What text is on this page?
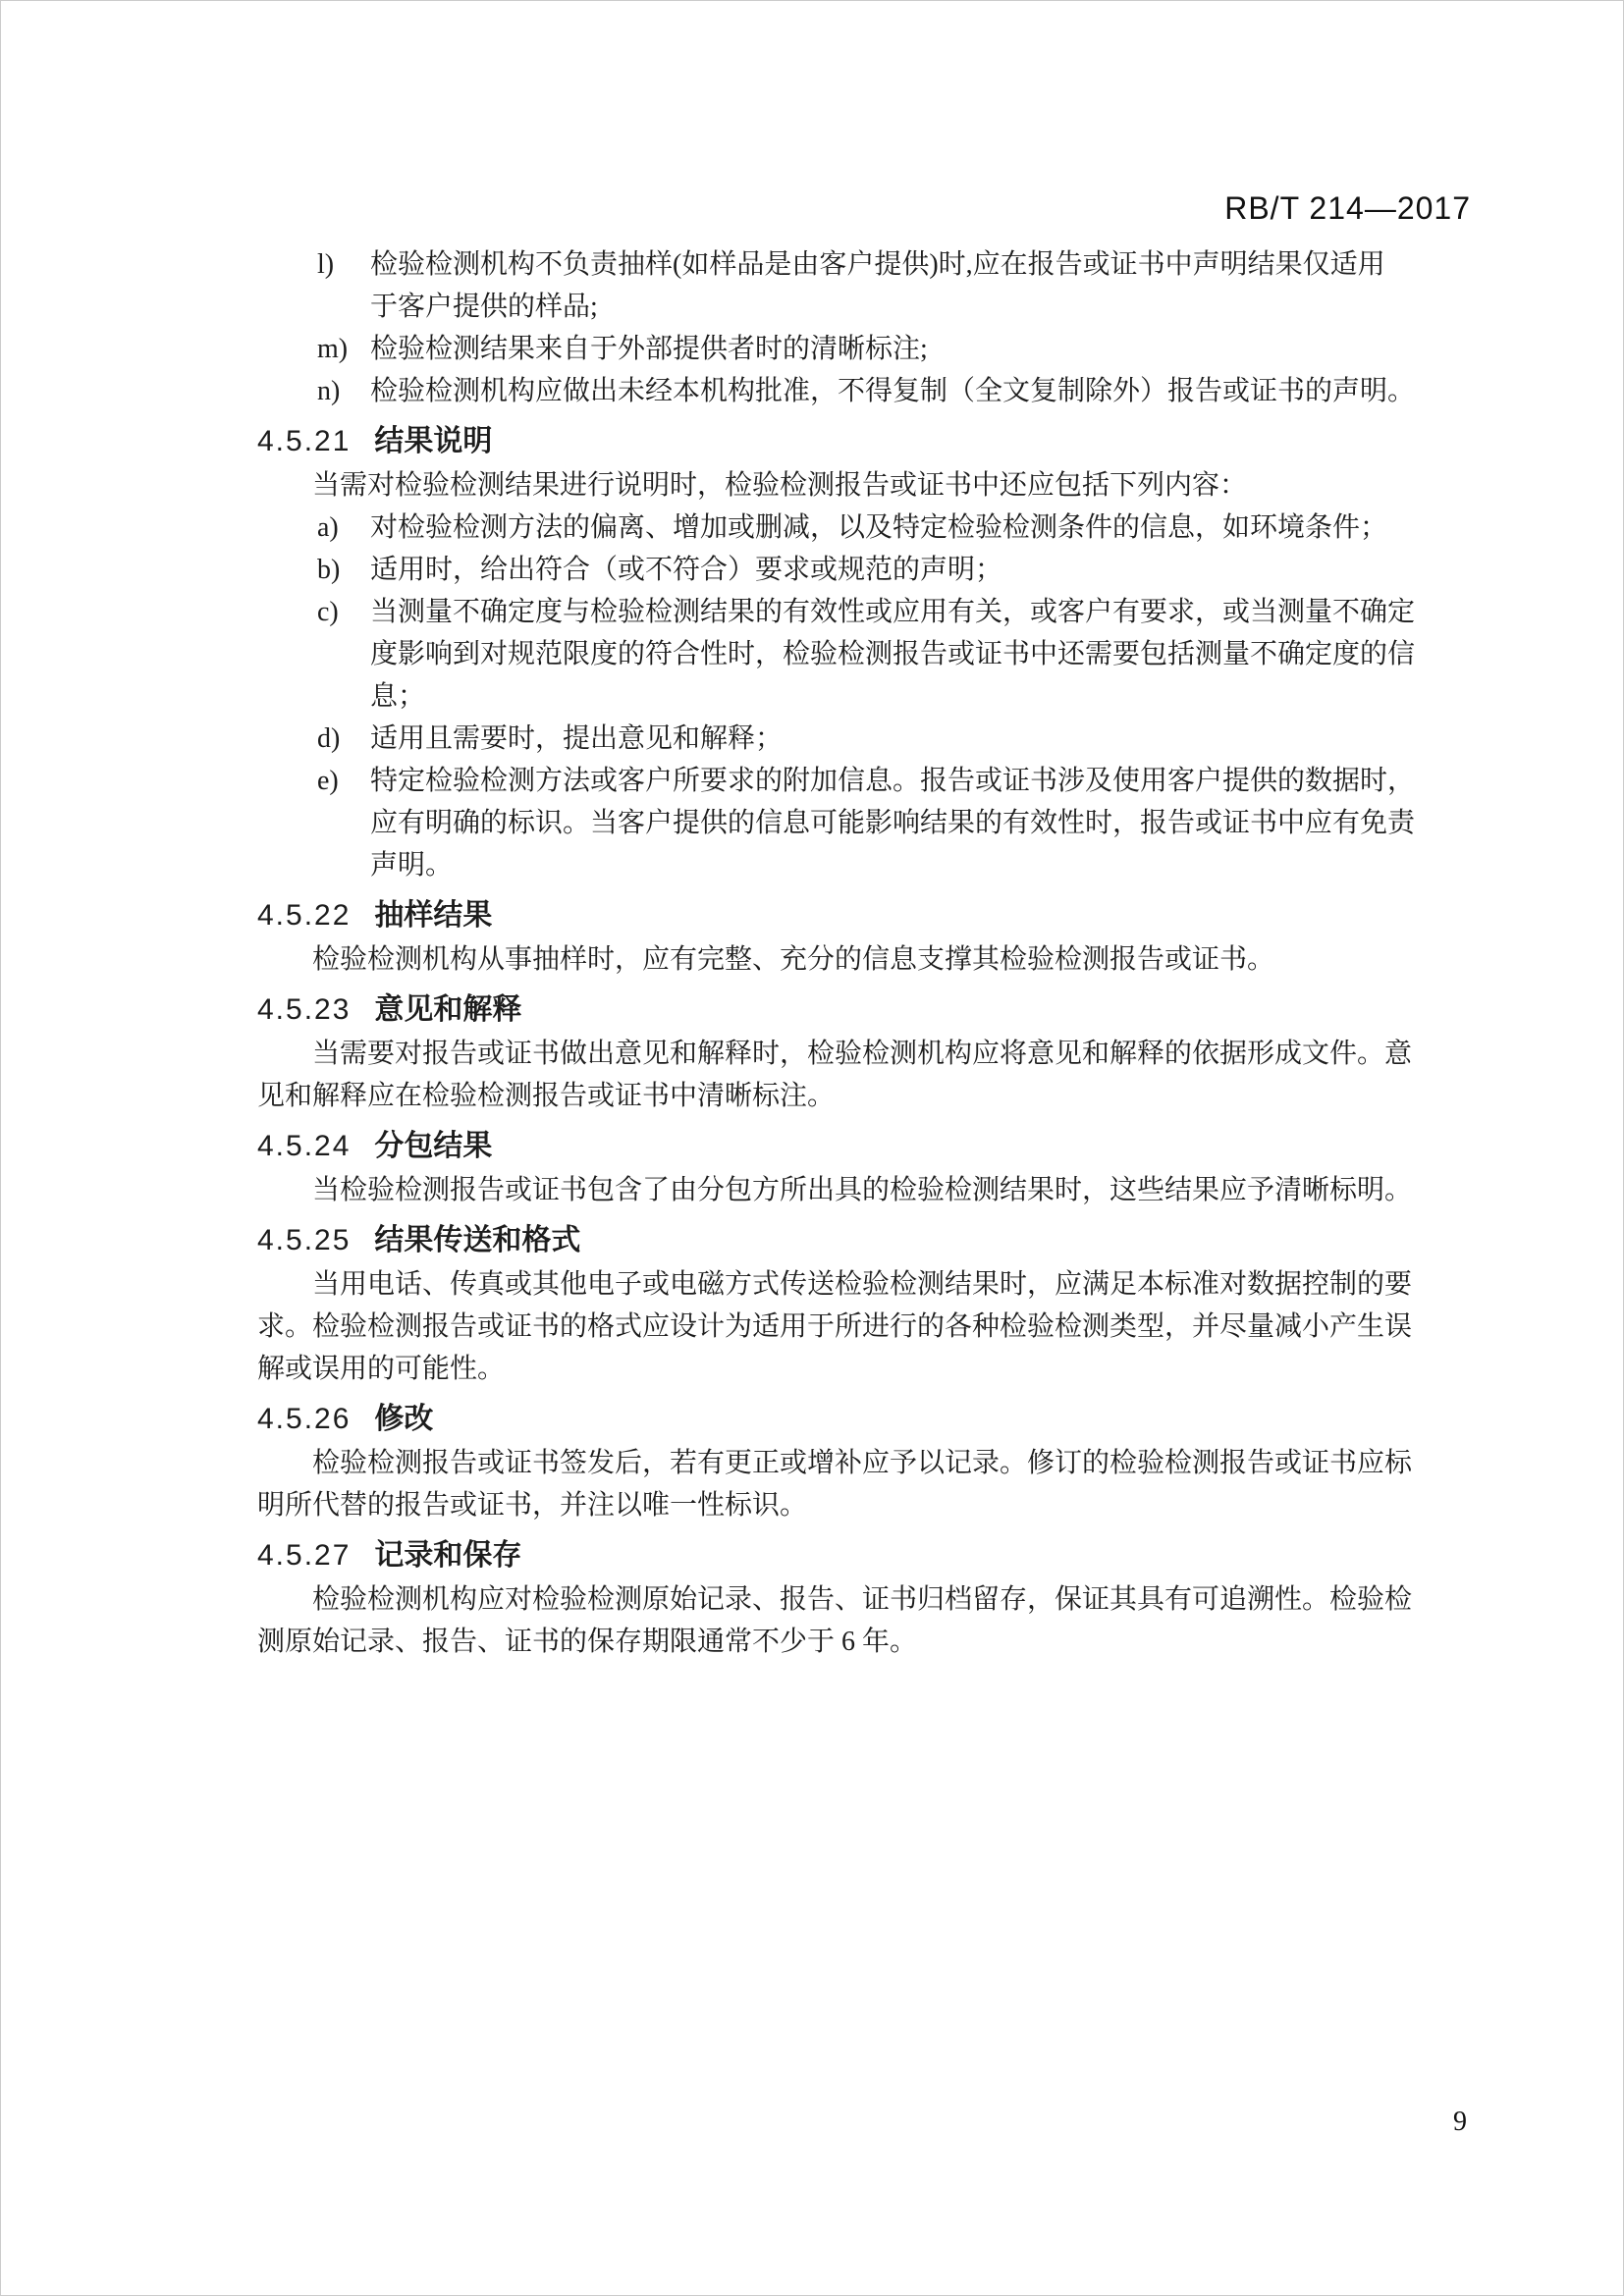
RB/T 214—2017
l)	检验检测机构不负责抽样(如样品是由客户提供)时,应在报告或证书中声明结果仅适用
于客户提供的样品;
m) 检验检测结果来自于外部提供者时的清晰标注;
n)	检验检测机构应做出未经本机构批准，不得复制（全文复制除外）报告或证书的声明。
4.5.21 结果说明
当需对检验检测结果进行说明时，检验检测报告或证书中还应包括下列内容：
a)	对检验检测方法的偏离、增加或删减，以及特定检验检测条件的信息，如环境条件；
b)	适用时，给出符合（或不符合）要求或规范的声明；
c)	当测量不确定度与检验检测结果的有效性或应用有关，或客户有要求，或当测量不确定
度影响到对规范限度的符合性时，检验检测报告或证书中还需要包括测量不确定度的信
息；
d)	适用且需要时，提出意见和解释；
e)	特定检验检测方法或客户所要求的附加信息。报告或证书涉及使用客户提供的数据时，
应有明确的标识。当客户提供的信息可能影响结果的有效性时，报告或证书中应有免责
声明。
4.5.22 抽样结果
检验检测机构从事抽样时，应有完整、充分的信息支撑其检验检测报告或证书。
4.5.23 意见和解释
当需要对报告或证书做出意见和解释时，检验检测机构应将意见和解释的依据形成文件。意
见和解释应在检验检测报告或证书中清晰标注。
4.5.24 分包结果
当检验检测报告或证书包含了由分包方所出具的检验检测结果时，这些结果应予清晰标明。
4.5.25 结果传送和格式
当用电话、传真或其他电子或电磁方式传送检验检测结果时，应满足本标准对数据控制的要
求。检验检测报告或证书的格式应设计为适用于所进行的各种检验检测类型，并尽量减小产生误
解或误用的可能性。
4.5.26 修改
检验检测报告或证书签发后，若有更正或增补应予以记录。修订的检验检测报告或证书应标
明所代替的报告或证书，并注以唯一性标识。
4.5.27 记录和保存
检验检测机构应对检验检测原始记录、报告、证书归档留存，保证其具有可追溯性。检验检
测原始记录、报告、证书的保存期限通常不少于 6 年。
9
